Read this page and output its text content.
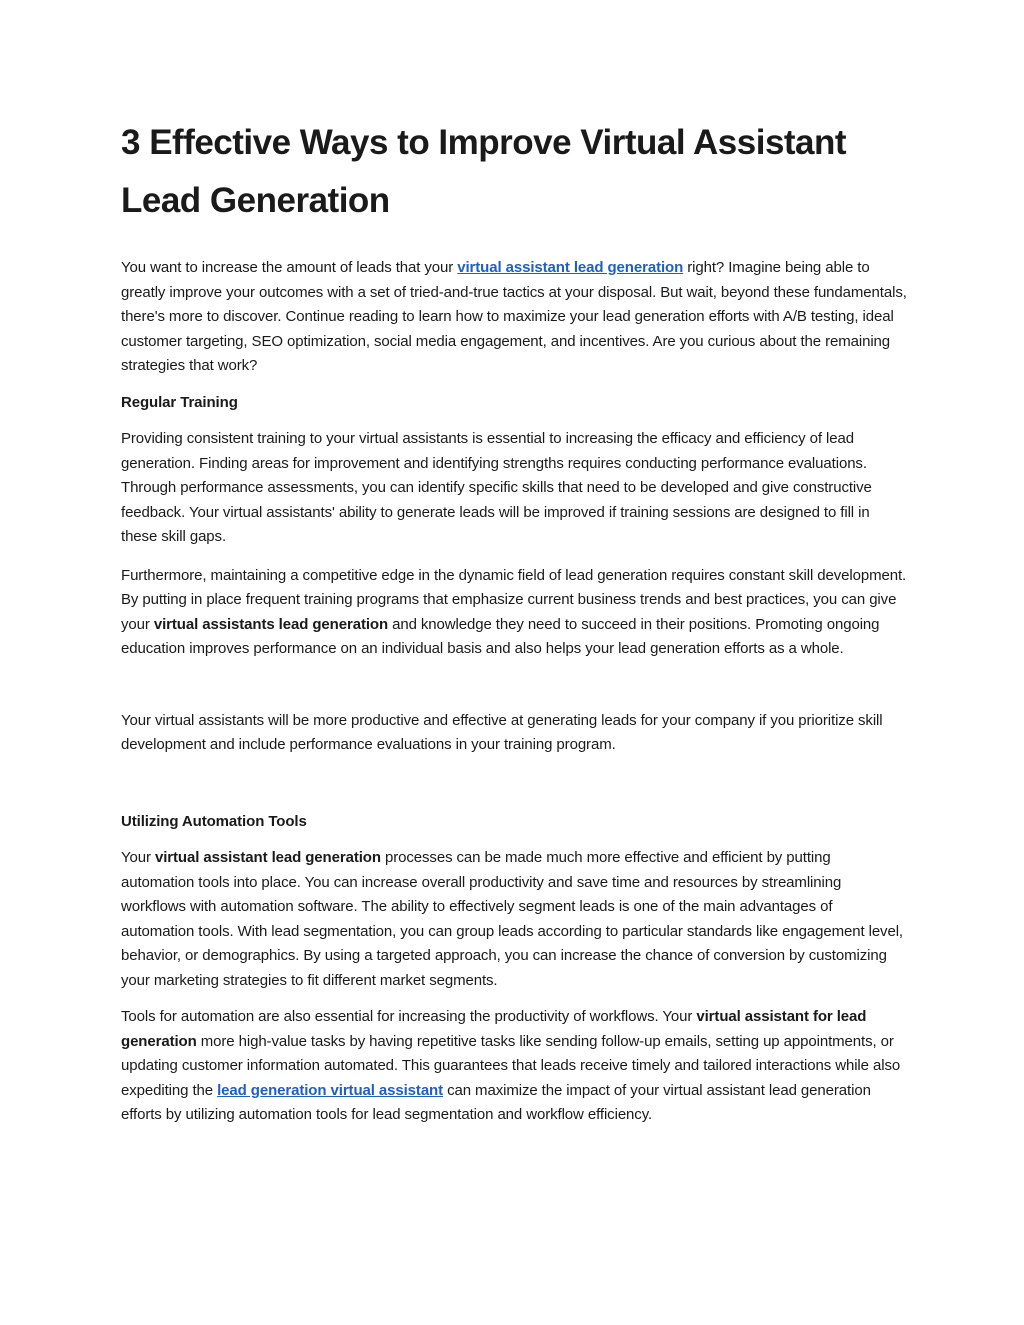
3 Effective Ways to Improve Virtual Assistant Lead Generation

You want to increase the amount of leads that your virtual assistant lead generation right? Imagine being able to greatly improve your outcomes with a set of tried-and-true tactics at your disposal. But wait, beyond these fundamentals, there's more to discover. Continue reading to learn how to maximize your lead generation efforts with A/B testing, ideal customer targeting, SEO optimization, social media engagement, and incentives. Are you curious about the remaining strategies that work?

Regular Training

Providing consistent training to your virtual assistants is essential to increasing the efficacy and efficiency of lead generation. Finding areas for improvement and identifying strengths requires conducting performance evaluations. Through performance assessments, you can identify specific skills that need to be developed and give constructive feedback. Your virtual assistants' ability to generate leads will be improved if training sessions are designed to fill in these skill gaps.

Furthermore, maintaining a competitive edge in the dynamic field of lead generation requires constant skill development. By putting in place frequent training programs that emphasize current business trends and best practices, you can give your virtual assistants lead generation and knowledge they need to succeed in their positions. Promoting ongoing education improves performance on an individual basis and also helps your lead generation efforts as a whole.

Your virtual assistants will be more productive and effective at generating leads for your company if you prioritize skill development and include performance evaluations in your training program.

Utilizing Automation Tools

Your virtual assistant lead generation processes can be made much more effective and efficient by putting automation tools into place. You can increase overall productivity and save time and resources by streamlining workflows with automation software. The ability to effectively segment leads is one of the main advantages of automation tools. With lead segmentation, you can group leads according to particular standards like engagement level, behavior, or demographics. By using a targeted approach, you can increase the chance of conversion by customizing your marketing strategies to fit different market segments.

Tools for automation are also essential for increasing the productivity of workflows. Your virtual assistant for lead generation more high-value tasks by having repetitive tasks like sending follow-up emails, setting up appointments, or updating customer information automated. This guarantees that leads receive timely and tailored interactions while also expediting the lead generation virtual assistant can maximize the impact of your virtual assistant lead generation efforts by utilizing automation tools for lead segmentation and workflow efficiency.
